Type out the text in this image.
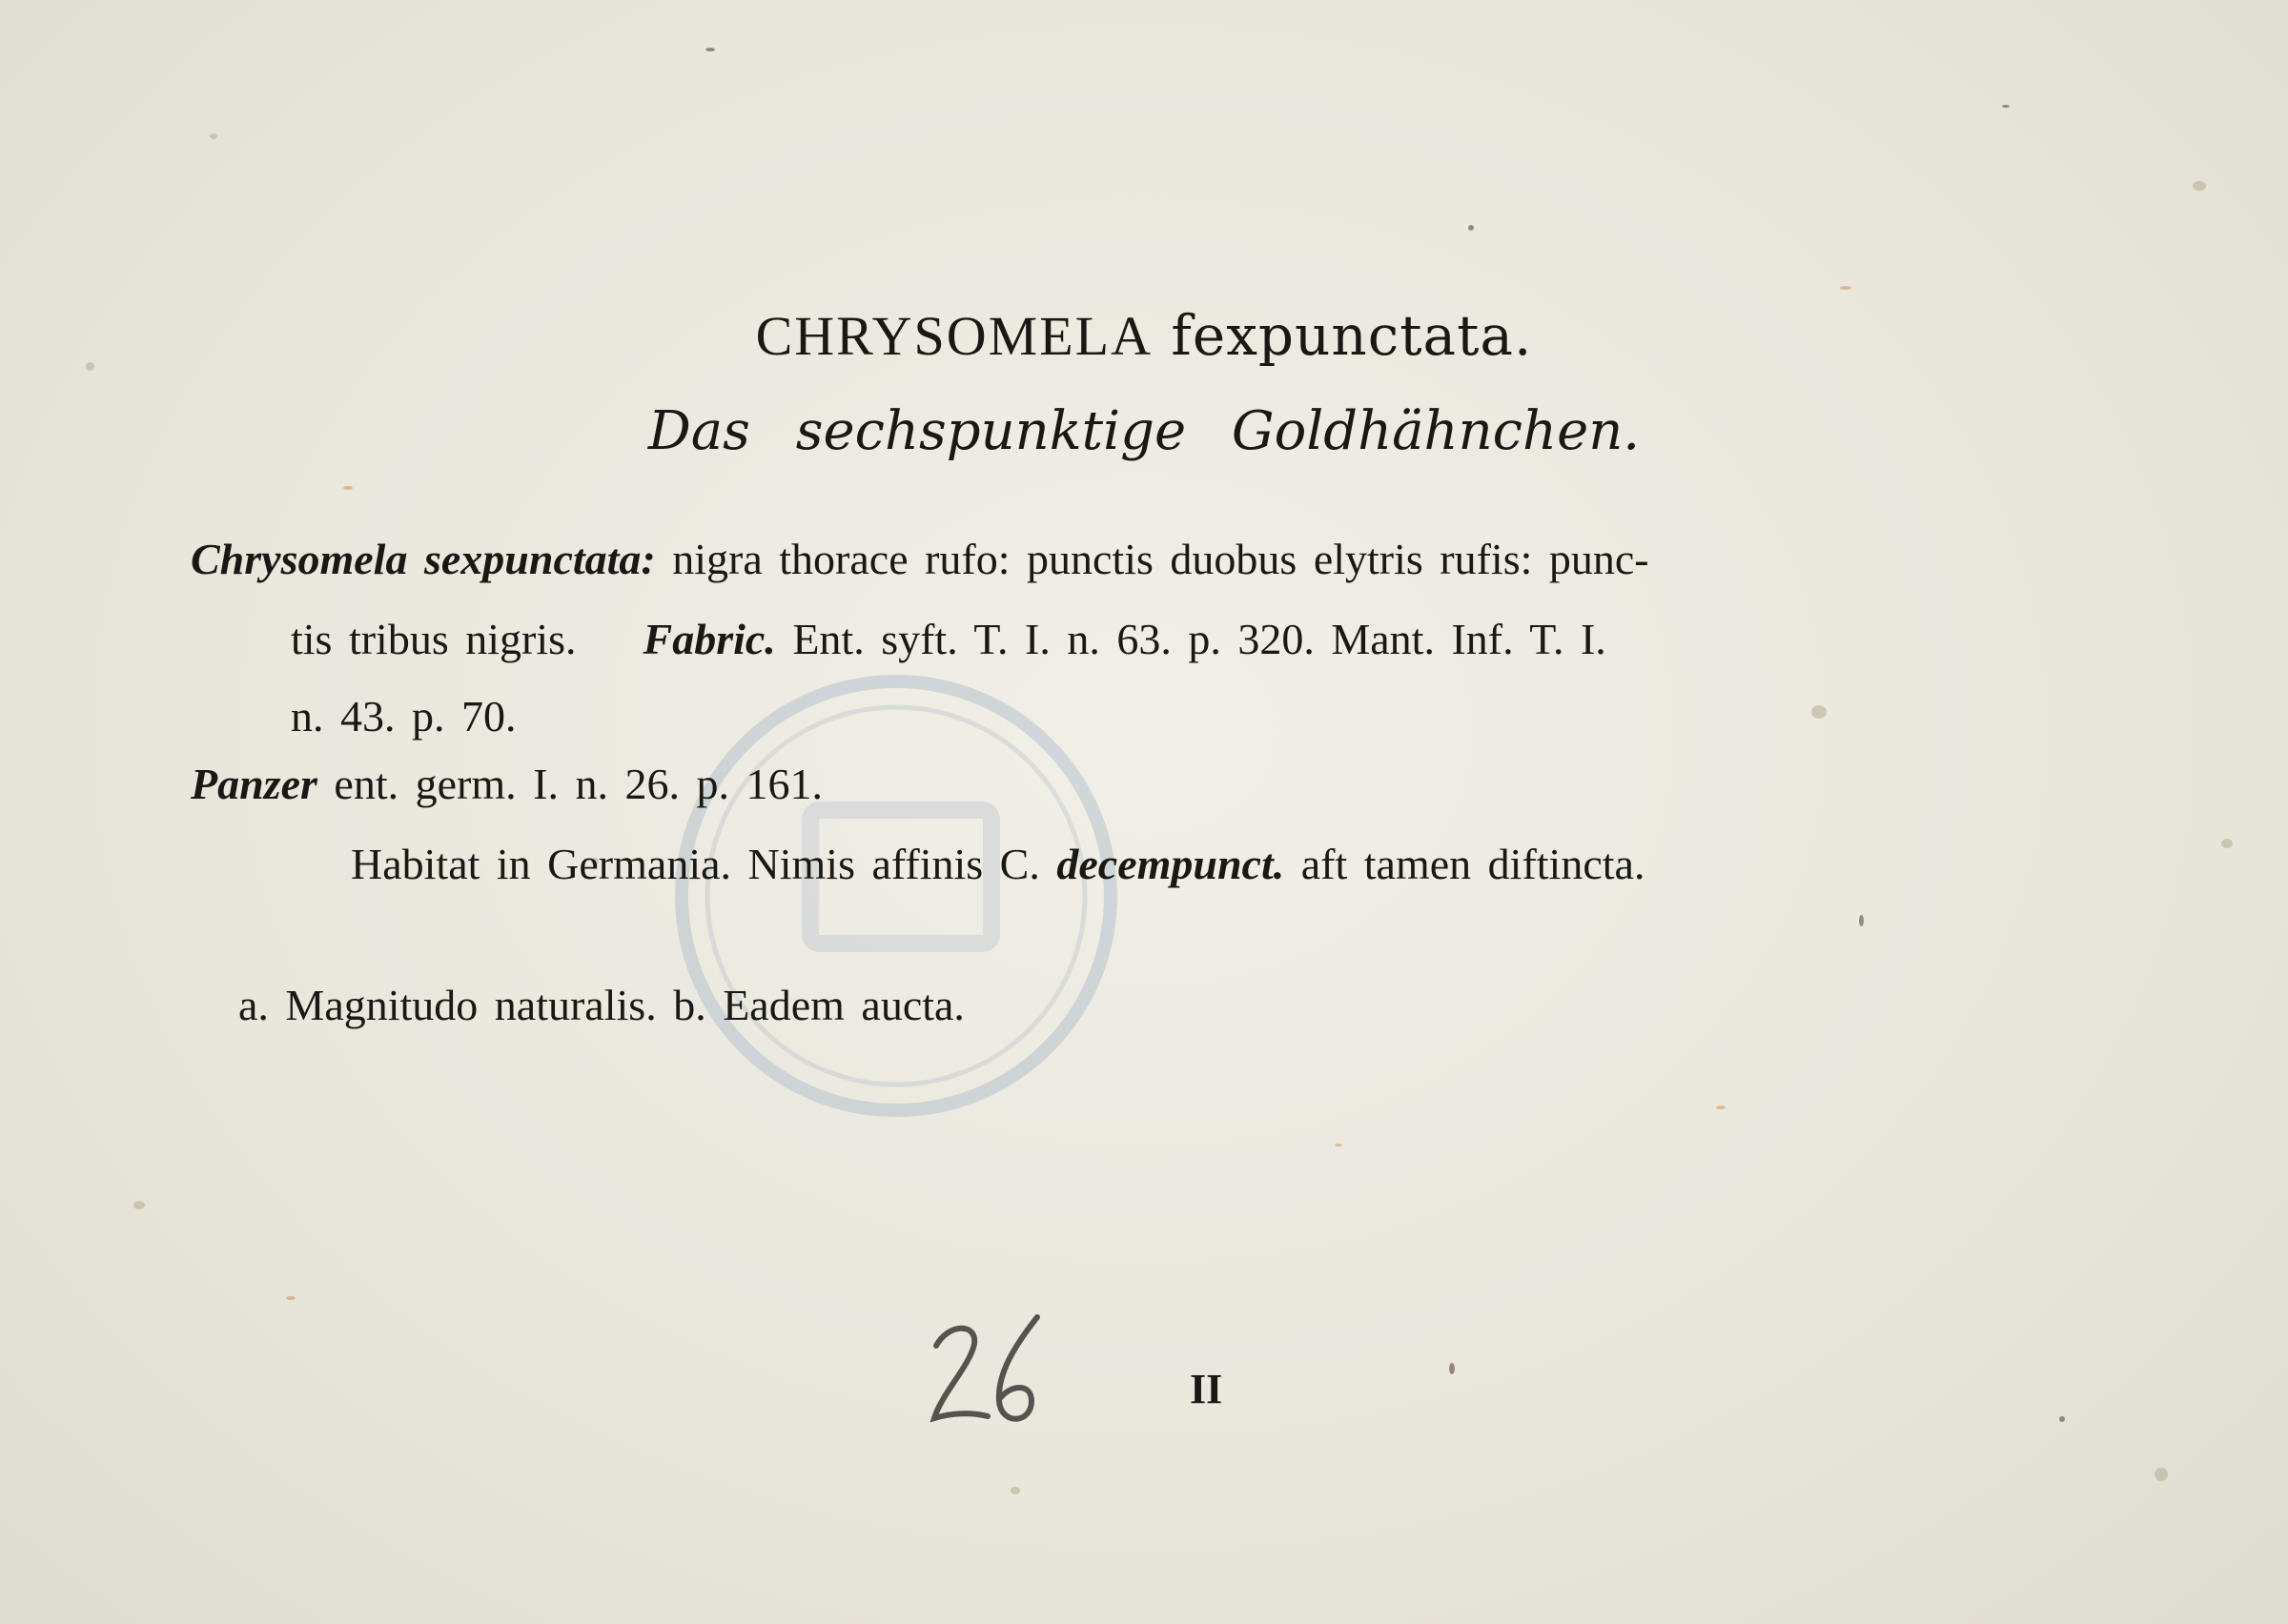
CHRYSOMELA fexpunctata.
Das sechspunktige Goldhähnchen.
Chrysomela sexpunctata: nigra thorace rufo: punctis duobus elytris rufis: punc-
tis tribus nigris. Fabric. Ent. syft. T. I. n. 63. p. 320. Mant. Inf. T. I.
n. 43. p. 70.
Panzer ent. germ. I. n. 26. p. 161.
Habitat in Germania. Nimis affinis C. decempunct. aft tamen diftincta.
a. Magnitudo naturalis. b. Eadem aucta.
II
